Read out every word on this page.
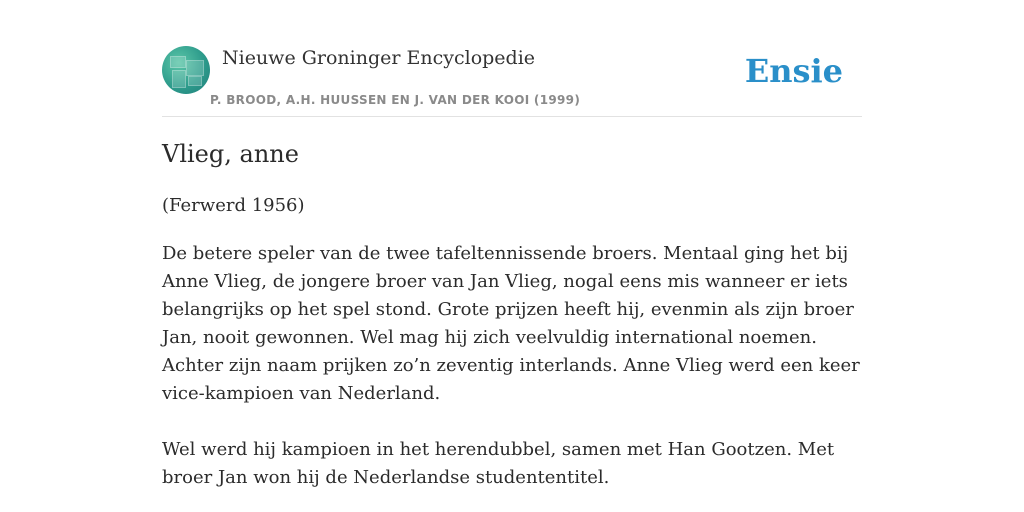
Nieuwe Groninger Encyclopedie
P. BROOD, A.H. HUUSSEN EN J. VAN DER KOOI (1999)
Ensie
Vlieg, anne
(Ferwerd 1956)

De betere speler van de twee tafeltennissende broers. Mentaal ging het bij Anne Vlieg, de jongere broer van Jan Vlieg, nogal eens mis wanneer er iets belangrijks op het spel stond. Grote prijzen heeft hij, evenmin als zijn broer Jan, nooit gewonnen. Wel mag hij zich veelvuldig international noemen. Achter zijn naam prijken zo’n zeventig interlands. Anne Vlieg werd een keer vice-kampioen van Nederland.

Wel werd hij kampioen in het herendubbel, samen met Han Gootzen. Met broer Jan won hij de Nederlandse studententitel.
